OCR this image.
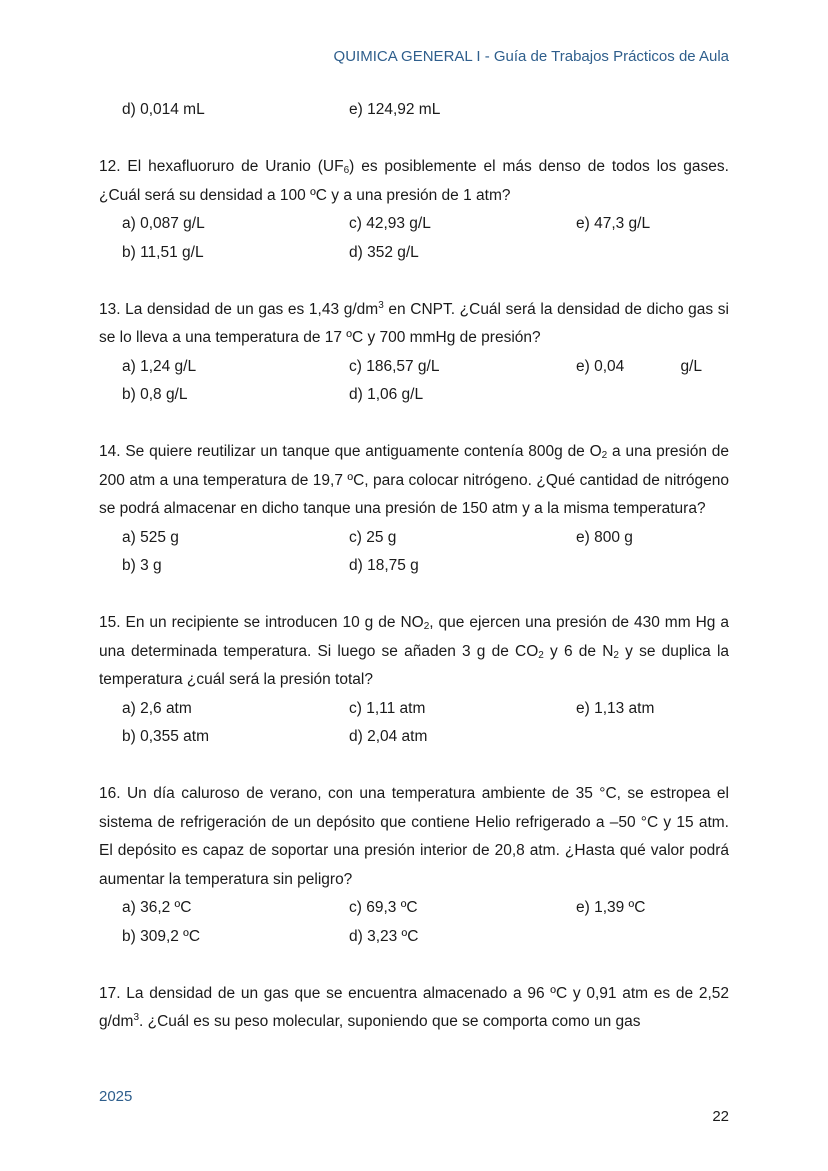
QUIMICA GENERAL I - Guía de Trabajos Prácticos de Aula
d) 0,014 mL	e) 124,92 mL

12. El hexafluoruro de Uranio $(UF_6)$ es posiblemente el más denso de todos los gases. ¿Cuál será su densidad a 100 ºC y a una presión de 1 atm?

a) 0,087 g/L	c) 42,93 g/L	e) 47,3 g/L
b) 11,51 g/L	d) 352 g/L

13. La densidad de un gas es 1,43 $g/dm^3$ en CNPT. ¿Cuál será la densidad de dicho gas si se lo lleva a una temperatura de 17 ºC y 700 mmHg de presión?

a) 1,24 g/L	c) 186,57 g/L	e) 0,04	g/L
b) 0,8 g/L	d) 1,06 g/L

14. Se quiere reutilizar un tanque que antiguamente contenía 800g de $O_2$ a una presión de 200 atm a una temperatura de 19,7 ºC, para colocar nitrógeno. ¿Qué cantidad de nitrógeno se podrá almacenar en dicho tanque una presión de 150 atm y a la misma temperatura?

a) 525 g	c) 25 g	e) 800 g
b) 3 g	d) 18,75 g

15. En un recipiente se introducen 10 g de $NO_2$, que ejercen una presión de 430 mm Hg a una determinada temperatura. Si luego se añaden 3 g de $CO_2$ y 6 de $N_2$ y se duplica la temperatura ¿cuál será la presión total?

a) 2,6 atm	c) 1,11 atm	e) 1,13 atm
b) 0,355 atm	d) 2,04 atm

16. Un día caluroso de verano, con una temperatura ambiente de 35 °C, se estropea el sistema de refrigeración de un depósito que contiene Helio refrigerado a –50 °C y 15 atm. El depósito es capaz de soportar una presión interior de 20,8 atm. ¿Hasta qué valor podrá aumentar la temperatura sin peligro?

a) 36,2 ºC	c) 69,3 ºC	e) 1,39 ºC
b) 309,2 ºC	d) 3,23 ºC

17. La densidad de un gas que se encuentra almacenado a 96 ºC y 0,91 atm es de 2,52 $g/dm^3$. ¿Cuál es su peso molecular, suponiendo que se comporta como un gas

2025
22
